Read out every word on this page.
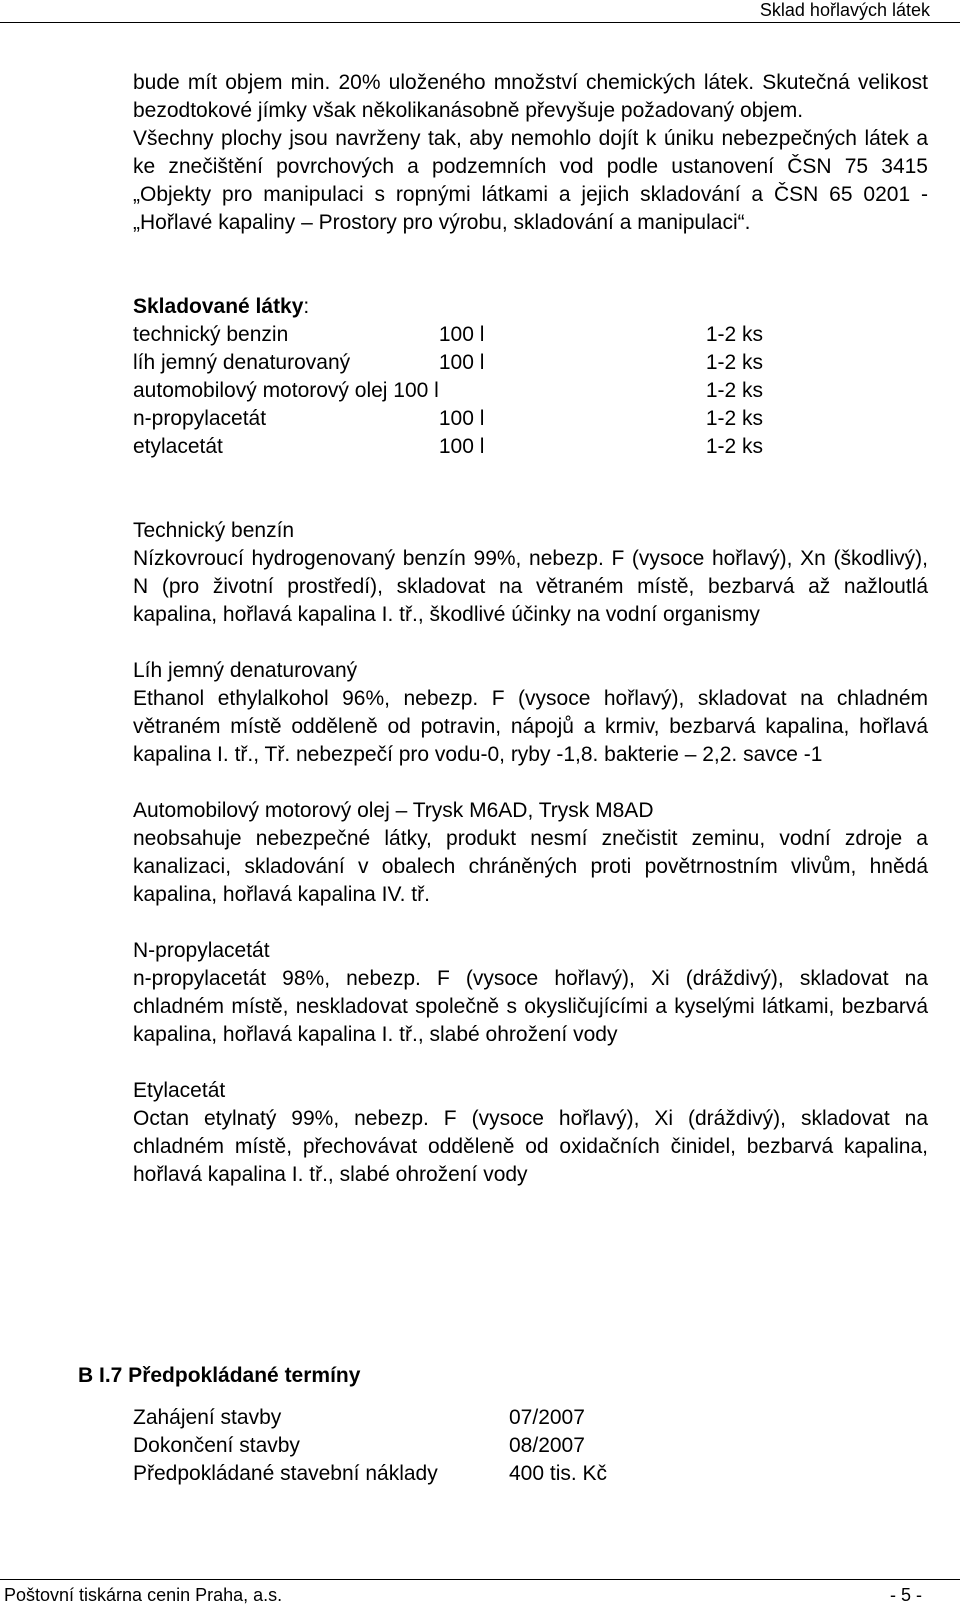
Sklad hořlavých látek

bude mít objem min. 20% uloženého množství chemických látek. Skutečná velikost bezodtokové jímky však několikanásobně převyšuje požadovaný objem.

Všechny plochy jsou navrženy tak, aby nemohlo dojít k úniku nebezpečných látek a ke znečištění povrchových a podzemních vod podle ustanovení ČSN 75 3415 „Objekty pro manipulaci s ropnými látkami a jejich skladování a ČSN 65 0201 - „Hořlavé kapaliny – Prostory pro výrobu, skladování a manipulaci“.

Skladované látky:

technický benzin	100 l	1-2 ks
líh jemný denaturovaný	100 l	1-2 ks
automobilový motorový olej 100 l		1-2 ks
n-propylacetát	100 l	1-2 ks
etylacetát	100 l	1-2 ks

Technický benzín

Nízkovroucí hydrogenovaný benzín 99%, nebezp. F (vysoce hořlavý), Xn (škodlivý), N (pro životní prostředí), skladovat na větraném místě, bezbarvá až nažloutlá kapalina, hořlavá kapalina I. tř., škodlivé účinky na vodní organismy

Líh jemný denaturovaný

Ethanol ethylalkohol 96%, nebezp. F (vysoce hořlavý), skladovat na chladném větraném místě odděleně od potravin, nápojů a krmiv, bezbarvá kapalina, hořlavá kapalina I. tř., Tř. nebezpečí pro vodu-0, ryby -1,8. bakterie – 2,2. savce -1

Automobilový motorový olej – Trysk M6AD, Trysk M8AD

neobsahuje nebezpečné látky, produkt nesmí znečistit zeminu, vodní zdroje a kanalizaci, skladování v obalech chráněných proti povětrnostním vlivům, hnědá kapalina, hořlavá kapalina IV. tř.

N-propylacetát

n-propylacetát 98%, nebezp. F (vysoce hořlavý), Xi (dráždivý), skladovat na chladném místě, neskladovat společně s okysličujícími a kyselými látkami, bezbarvá kapalina, hořlavá kapalina I. tř., slabé ohrožení vody

Etylacetát

Octan etylnatý 99%, nebezp. F (vysoce hořlavý), Xi (dráždivý), skladovat na chladném místě, přechovávat odděleně od oxidačních činidel, bezbarvá kapalina, hořlavá kapalina I. tř., slabé ohrožení vody

B I.7 Předpokládané termíny
Zahájení stavby	07/2007
Dokončení stavby	08/2007
Předpokládané stavební náklady	400 tis. Kč
Poštovní tiskárna cenin Praha, a.s.	- 5 -
